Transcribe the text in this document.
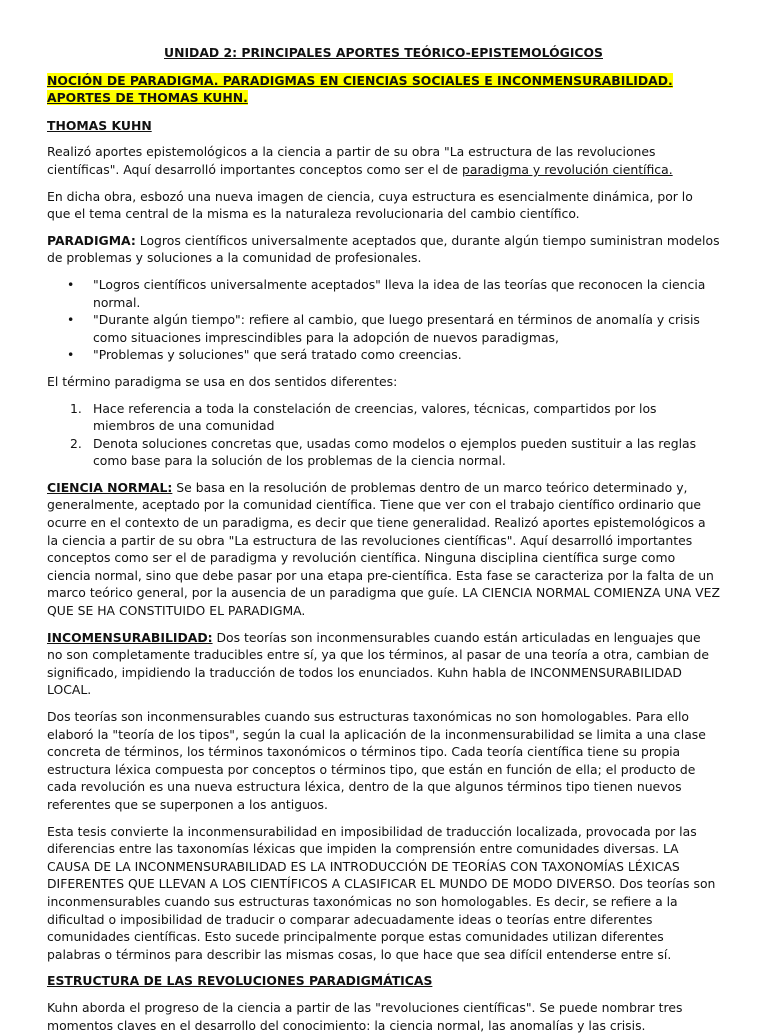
UNIDAD 2: PRINCIPALES APORTES TEÓRICO-EPISTEMOLÓGICOS

NOCIÓN DE PARADIGMA. PARADIGMAS EN CIENCIAS SOCIALES E INCONMENSURABILIDAD. APORTES DE THOMAS KUHN.

THOMAS KUHN

Realizó aportes epistemológicos a la ciencia a partir de su obra "La estructura de las revoluciones científicas". Aquí desarrolló importantes conceptos como ser el de paradigma y revolución científica.

En dicha obra, esbozó una nueva imagen de ciencia, cuya estructura es esencialmente dinámica, por lo que el tema central de la misma es la naturaleza revolucionaria del cambio científico.

PARADIGMA: Logros científicos universalmente aceptados que, durante algún tiempo suministran modelos de problemas y soluciones a la comunidad de profesionales.

• "Logros científicos universalmente aceptados" lleva la idea de las teorías que reconocen la ciencia normal.
• "Durante algún tiempo": refiere al cambio, que luego presentará en términos de anomalía y crisis como situaciones imprescindibles para la adopción de nuevos paradigmas,
• "Problemas y soluciones" que será tratado como creencias.

El término paradigma se usa en dos sentidos diferentes:

1. Hace referencia a toda la constelación de creencias, valores, técnicas, compartidos por los miembros de una comunidad
2. Denota soluciones concretas que, usadas como modelos o ejemplos pueden sustituir a las reglas como base para la solución de los problemas de la ciencia normal.

CIENCIA NORMAL: Se basa en la resolución de problemas dentro de un marco teórico determinado y, generalmente, aceptado por la comunidad científica. Tiene que ver con el trabajo científico ordinario que ocurre en el contexto de un paradigma, es decir que tiene generalidad. Realizó aportes epistemológicos a la ciencia a partir de su obra "La estructura de las revoluciones científicas". Aquí desarrolló importantes conceptos como ser el de paradigma y revolución científica. Ninguna disciplina científica surge como ciencia normal, sino que debe pasar por una etapa pre-científica. Esta fase se caracteriza por la falta de un marco teórico general, por la ausencia de un paradigma que guíe. LA CIENCIA NORMAL COMIENZA UNA VEZ QUE SE HA CONSTITUIDO EL PARADIGMA.

INCOMENSURABILIDAD: Dos teorías son inconmensurables cuando están articuladas en lenguajes que no son completamente traducibles entre sí, ya que los términos, al pasar de una teoría a otra, cambian de significado, impidiendo la traducción de todos los enunciados. Kuhn habla de INCONMENSURABILIDAD LOCAL.

Dos teorías son inconmensurables cuando sus estructuras taxonómicas no son homologables. Para ello elaboró la "teoría de los tipos", según la cual la aplicación de la inconmensurabilidad se limita a una clase concreta de términos, los términos taxonómicos o términos tipo. Cada teoría científica tiene su propia estructura léxica compuesta por conceptos o términos tipo, que están en función de ella; el producto de cada revolución es una nueva estructura léxica, dentro de la que algunos términos tipo tienen nuevos referentes que se superponen a los antiguos.

Esta tesis convierte la inconmensurabilidad en imposibilidad de traducción localizada, provocada por las diferencias entre las taxonomías léxicas que impiden la comprensión entre comunidades diversas. LA CAUSA DE LA INCONMENSURABILIDAD ES LA INTRODUCCIÓN DE TEORÍAS CON TAXONOMÍAS LÉXICAS DIFERENTES QUE LLEVAN A LOS CIENTÍFICOS A CLASIFICAR EL MUNDO DE MODO DIVERSO. Dos teorías son inconmensurables cuando sus estructuras taxonómicas no son homologables. Es decir, se refiere a la dificultad o imposibilidad de traducir o comparar adecuadamente ideas o teorías entre diferentes comunidades científicas. Esto sucede principalmente porque estas comunidades utilizan diferentes palabras o términos para describir las mismas cosas, lo que hace que sea difícil entenderse entre sí.

ESTRUCTURA DE LAS REVOLUCIONES PARADIGMÁTICAS

Kuhn aborda el progreso de la ciencia a partir de las "revoluciones científicas". Se puede nombrar tres momentos claves en el desarrollo del conocimiento: la ciencia normal, las anomalías y las crisis.
